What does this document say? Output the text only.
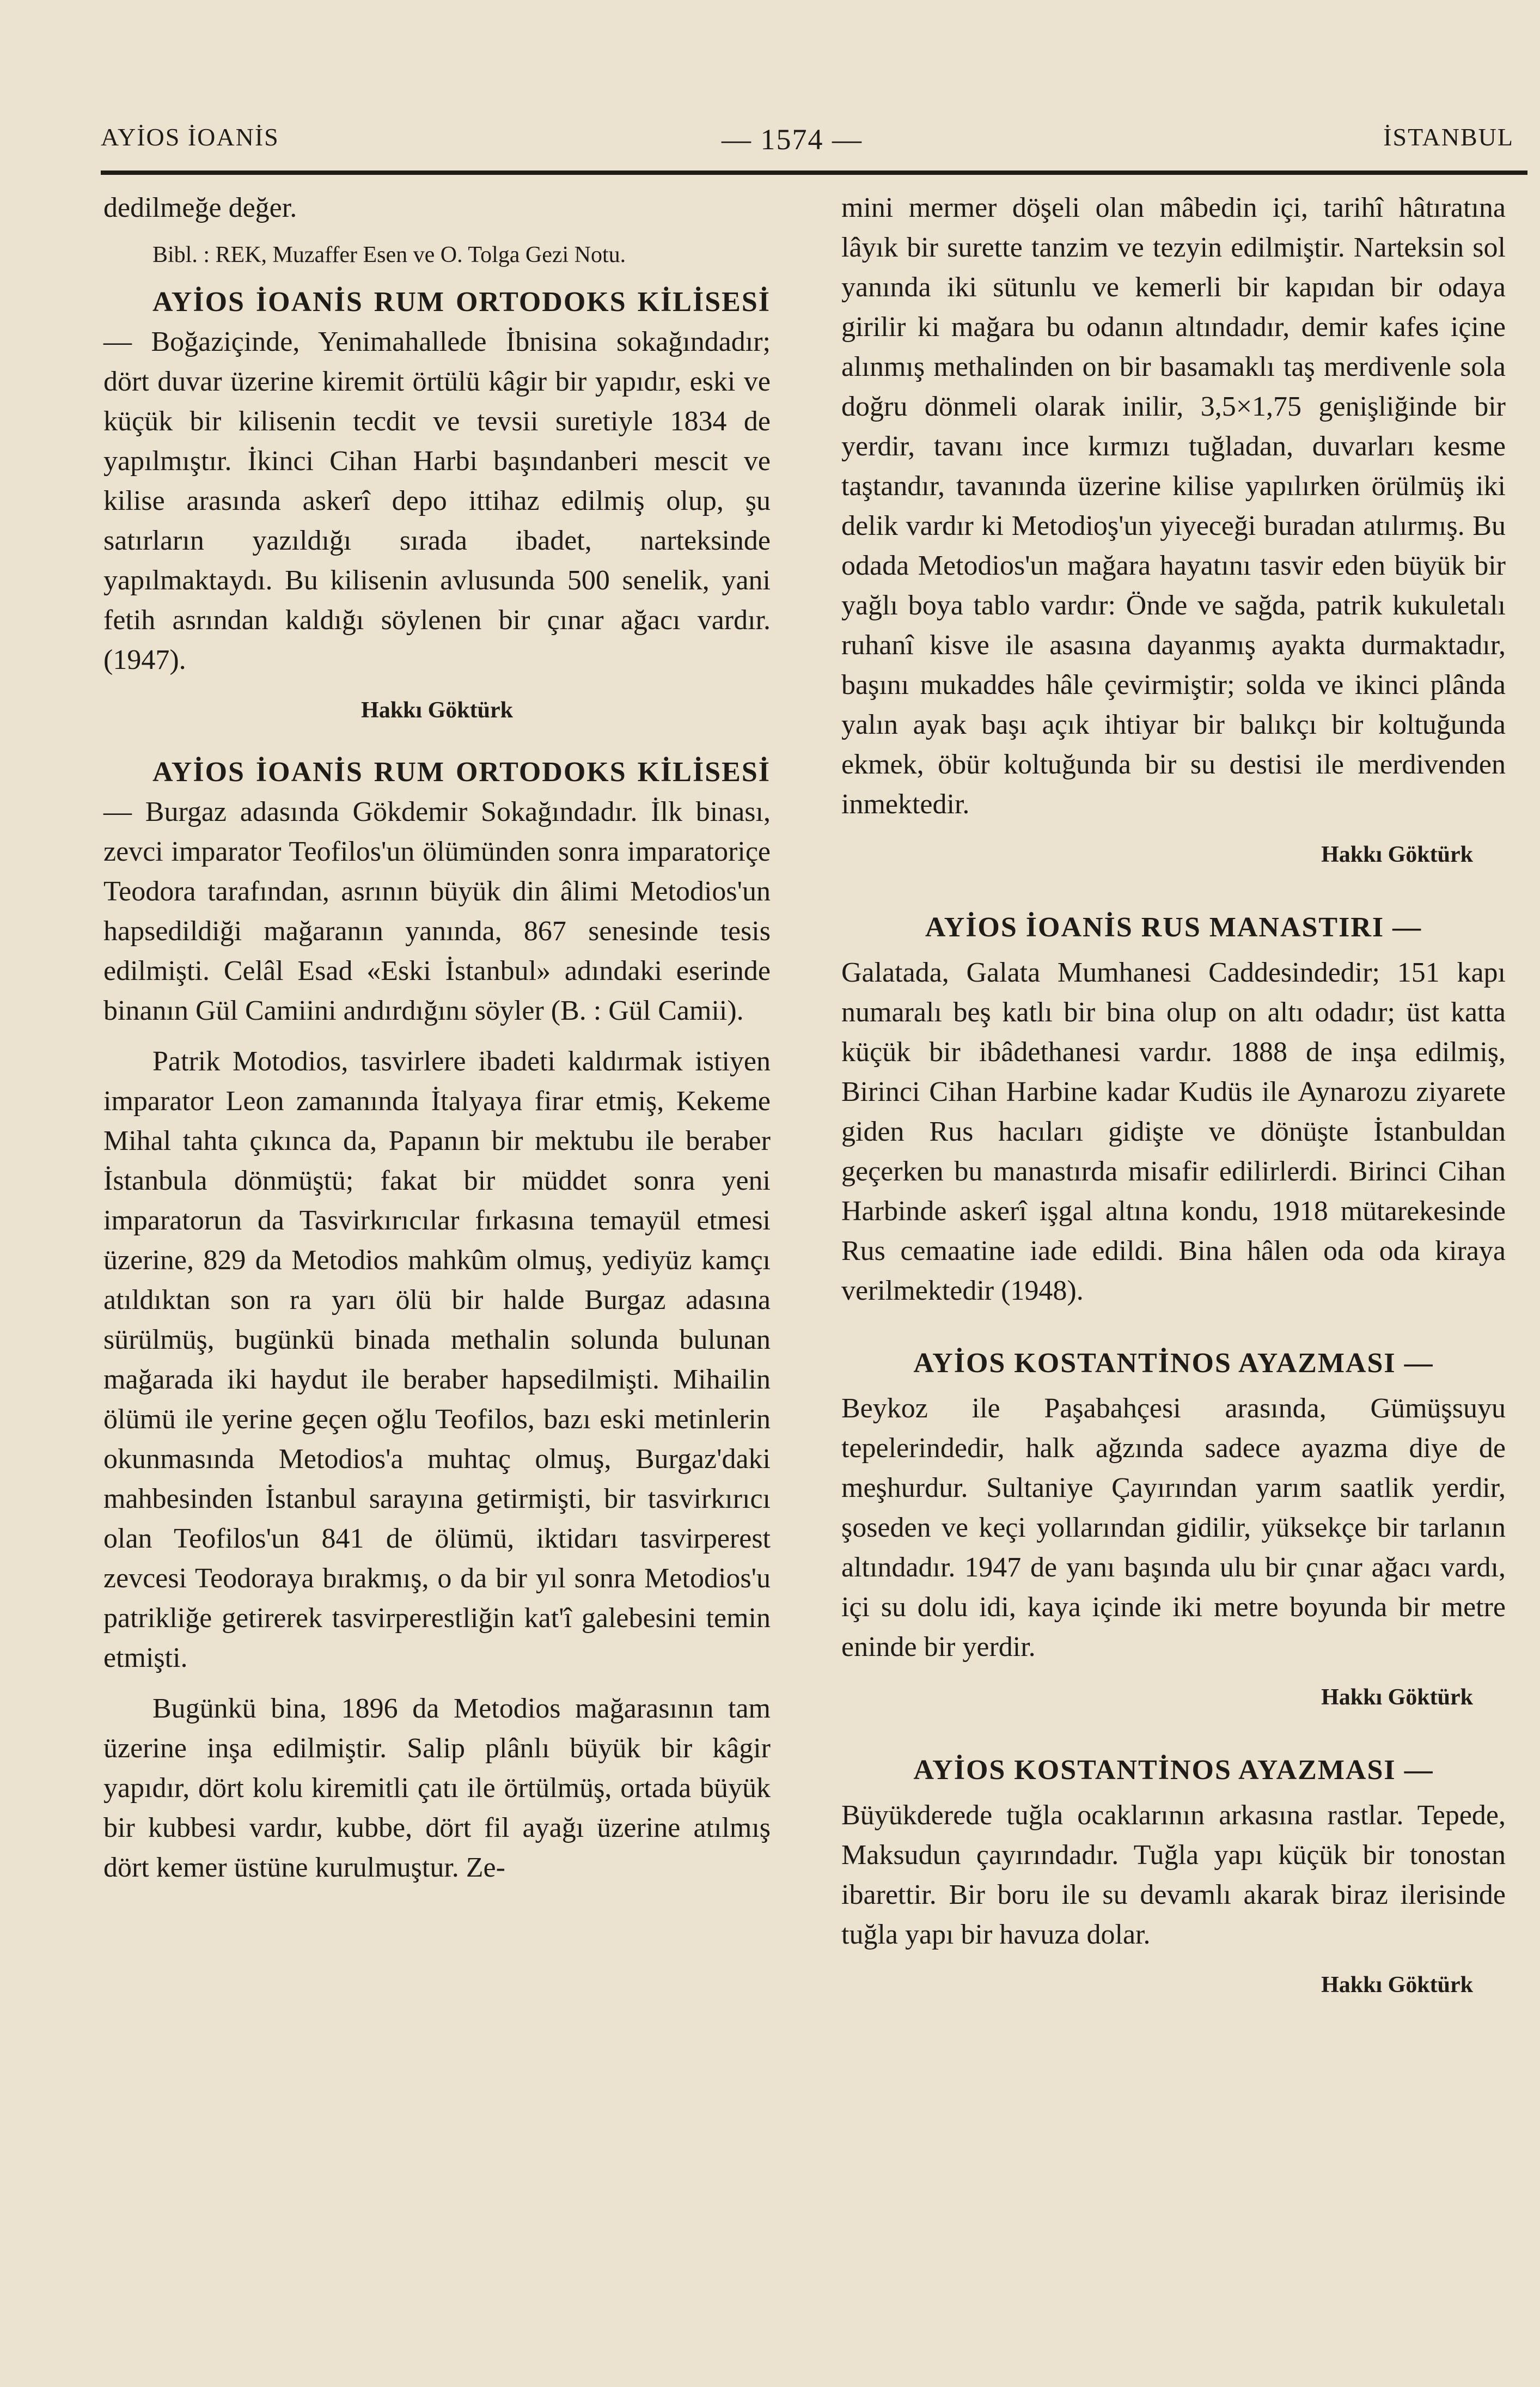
AYİOS İOANİS	— 1574 —	İSTANBUL

dedilmeğe değer.

Bibl. : REK, Muzaffer Esen ve O. Tolga Gezi Notu.

AYİOS İOANİS RUM ORTODOKS KİLİSESİ — Boğaziçinde, Yenimahallede İbnisina sokağındadır; dört duvar üzerine kiremit örtülü kâgir bir yapıdır, eski ve küçük bir kilisenin tecdit ve tevsii suretiyle 1834 de yapılmıştır. İkinci Cihan Harbi başındanberi mescit ve kilise arasında askerî depo ittihaz edilmiş olup, şu satırların yazıldığı sırada ibadet, narteksinde yapılmaktaydı. Bu kilisenin avlusunda 500 senelik, yani fetih asrından kaldığı söylenen bir çınar ağacı vardır. (1947).

Hakkı Göktürk

AYİOS İOANİS RUM ORTODOKS KİLİSESİ — Burgaz adasında Gökdemir Sokağındadır. İlk binası, zevci imparator Teofilos'un ölümünden sonra imparatoriçe Teodora tarafından, asrının büyük din âlimi Metodios'un hapsedildiği mağaranın yanında, 867 senesinde tesis edilmişti. Celâl Esad «Eski İstanbul» adındaki eserinde binanın Gül Camiini andırdığını söyler (B. : Gül Camii).

Patrik Motodios, tasvirlere ibadeti kaldırmak istiyen imparator Leon zamanında İtalyaya firar etmiş, Kekeme Mihal tahta çıkınca da, Papanın bir mektubu ile beraber İstanbula dönmüştü; fakat bir müddet sonra yeni imparatorun da Tasvirkırıcılar fırkasına temayül etmesi üzerine, 829 da Metodios mahkûm olmuş, yediyüz kamçı atıldıktan son ra yarı ölü bir halde Burgaz adasına sürülmüş, bugünkü binada methalin solunda bulunan mağarada iki haydut ile beraber hapsedilmişti. Mihailin ölümü ile yerine geçen oğlu Teofilos, bazı eski metinlerin okunmasında Metodios'a muhtaç olmuş, Burgaz'daki mahbesinden İstanbul sarayına getirmişti, bir tasvirkırıcı olan Teofilos'un 841 de ölümü, iktidarı tasvirperest zevcesi Teodoraya bırakmış, o da bir yıl sonra Metodios'u patrikliğe getirerek tasvirperestliğin kat'î galebesini temin etmişti.

Bugünkü bina, 1896 da Metodios mağarasının tam üzerine inşa edilmiştir. Salip plânlı büyük bir kâgir yapıdır, dört kolu kiremitli çatı ile örtülmüş, ortada büyük bir kubbesi vardır, kubbe, dört fil ayağı üzerine atılmış dört kemer üstüne kurulmuştur. Ze-

mini mermer döşeli olan mâbedin içi, tarihî hâtıratına lâyık bir surette tanzim ve tezyin edilmiştir. Narteksin sol yanında iki sütunlu ve kemerli bir kapıdan bir odaya girilir ki mağara bu odanın altındadır, demir kafes içine alınmış methalinden on bir basamaklı taş merdivenle sola doğru dönmeli olarak inilir, 3,5×1,75 genişliğinde bir yerdir, tavanı ince kırmızı tuğladan, duvarları kesme taştandır, tavanında üzerine kilise yapılırken örülmüş iki delik vardır ki Metodioş'un yiyeceği buradan atılırmış. Bu odada Metodios'un mağara hayatını tasvir eden büyük bir yağlı boya tablo vardır: Önde ve sağda, patrik kukuletalı ruhanî kisve ile asasına dayanmış ayakta durmaktadır, başını mukaddes hâle çevirmiştir; solda ve ikinci plânda yalın ayak başı açık ihtiyar bir balıkçı bir koltuğunda ekmek, öbür koltuğunda bir su destisi ile merdivenden inmektedir.

Hakkı Göktürk
AYİOS İOANİS RUS MANASTIRI —

Galatada, Galata Mumhanesi Caddesindedir; 151 kapı numaralı beş katlı bir bina olup on altı odadır; üst katta küçük bir ibâdethanesi vardır. 1888 de inşa edilmiş, Birinci Cihan Harbine kadar Kudüs ile Aynarozu ziyarete giden Rus hacıları gidişte ve dönüşte İstanbuldan geçerken bu manastırda misafir edilirlerdi. Birinci Cihan Harbinde askerî işgal altına kondu, 1918 mütarekesinde Rus cemaatine iade edildi. Bina hâlen oda oda kiraya verilmektedir (1948).

AYİOS KOSTANTİNOS AYAZMASI —

Beykoz ile Paşabahçesi arasında, Gümüşsuyu tepelerindedir, halk ağzında sadece ayazma diye de meşhurdur. Sultaniye Çayırından yarım saatlik yerdir, şoseden ve keçi yollarından gidilir, yüksekçe bir tarlanın altındadır. 1947 de yanı başında ulu bir çınar ağacı vardı, içi su dolu idi, kaya içinde iki metre boyunda bir metre eninde bir yerdir.

Hakkı Göktürk
AYİOS KOSTANTİNOS AYAZMASI —

Büyükderede tuğla ocaklarının arkasına rastlar. Tepede, Maksudun çayırındadır. Tuğla yapı küçük bir tonostan ibarettir. Bir boru ile su devamlı akarak biraz ilerisinde tuğla yapı bir havuza dolar.

Hakkı Göktürk
